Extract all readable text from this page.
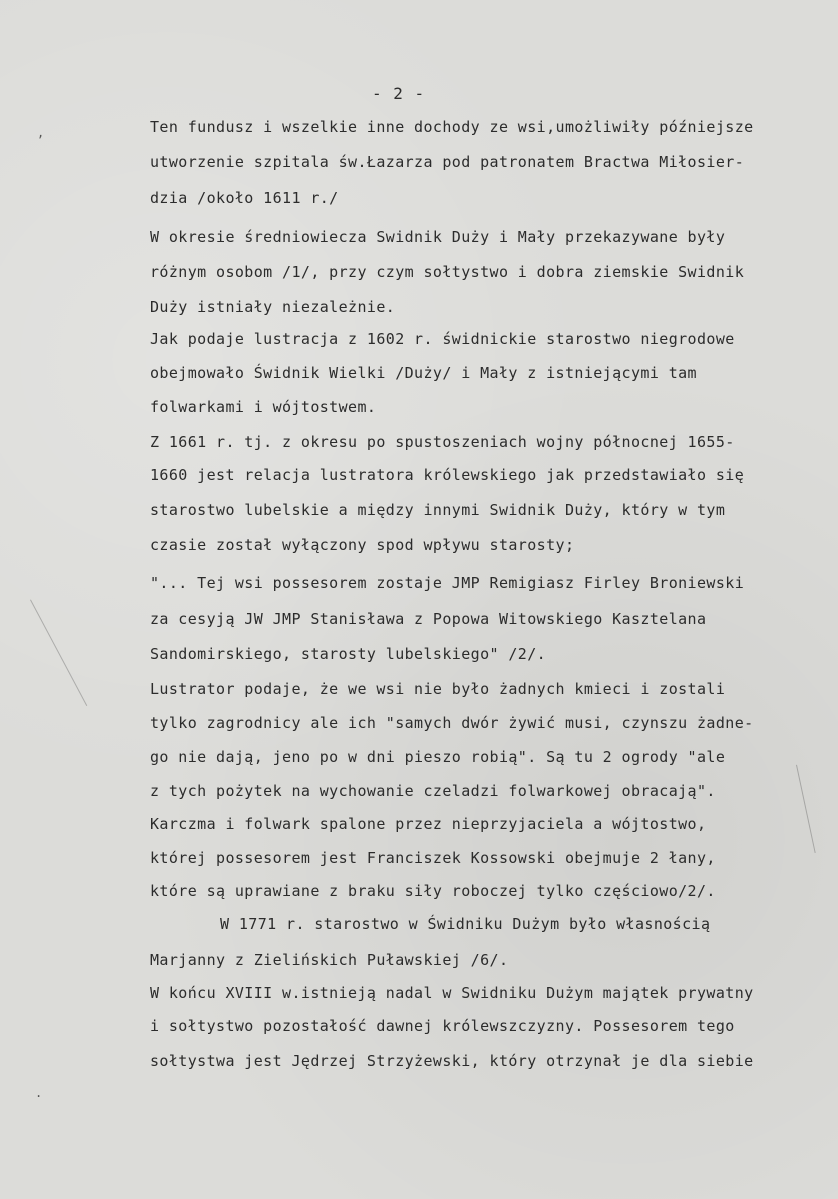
,
.
- 2 -
Ten fundusz i wszelkie inne dochody ze wsi,umożliwiły późniejsze
utworzenie szpitala św.Łazarza pod patronatem Bractwa Miłosier-
dzia /około 1611 r./
W okresie średniowiecza Swidnik Duży i Mały przekazywane były
różnym osobom /1/, przy czym sołtystwo i dobra ziemskie Swidnik
Duży istniały niezależnie.
Jak podaje lustracja z 1602 r. świdnickie starostwo niegrodowe
obejmowało Świdnik Wielki /Duży/ i Mały z istniejącymi tam
folwarkami i wójtostwem.
Z 1661 r. tj. z okresu po spustoszeniach wojny północnej 1655-
1660 jest relacja lustratora królewskiego jak przedstawiało się
starostwo lubelskie a między innymi Swidnik Duży, który w tym
czasie został wyłączony spod wpływu starosty;
"... Tej wsi possesorem zostaje JMP Remigiasz Firley Broniewski
za cesyją JW JMP Stanisława z Popowa Witowskiego Kasztelana
Sandomirskiego, starosty lubelskiego" /2/.
Lustrator podaje, że we wsi nie było żadnych kmieci i zostali
tylko zagrodnicy ale ich "samych dwór żywić musi, czynszu żadne-
go nie dają, jeno po w dni pieszo robią". Są tu 2 ogrody "ale
z tych pożytek na wychowanie czeladzi folwarkowej obracają".
Karczma i folwark spalone przez nieprzyjaciela a wójtostwo,
której possesorem jest Franciszek Kossowski obejmuje 2 łany,
które są uprawiane z braku siły roboczej tylko częściowo/2/.
W 1771 r. starostwo w Świdniku Dużym było własnością
Marjanny z Zielińskich Puławskiej /6/.
W końcu XVIII w.istnieją nadal w Swidniku Dużym majątek prywatny
i sołtystwo pozostałość dawnej królewszczyzny. Possesorem tego
sołtystwa jest Jędrzej Strzyżewski, który otrzynał je dla siebie
